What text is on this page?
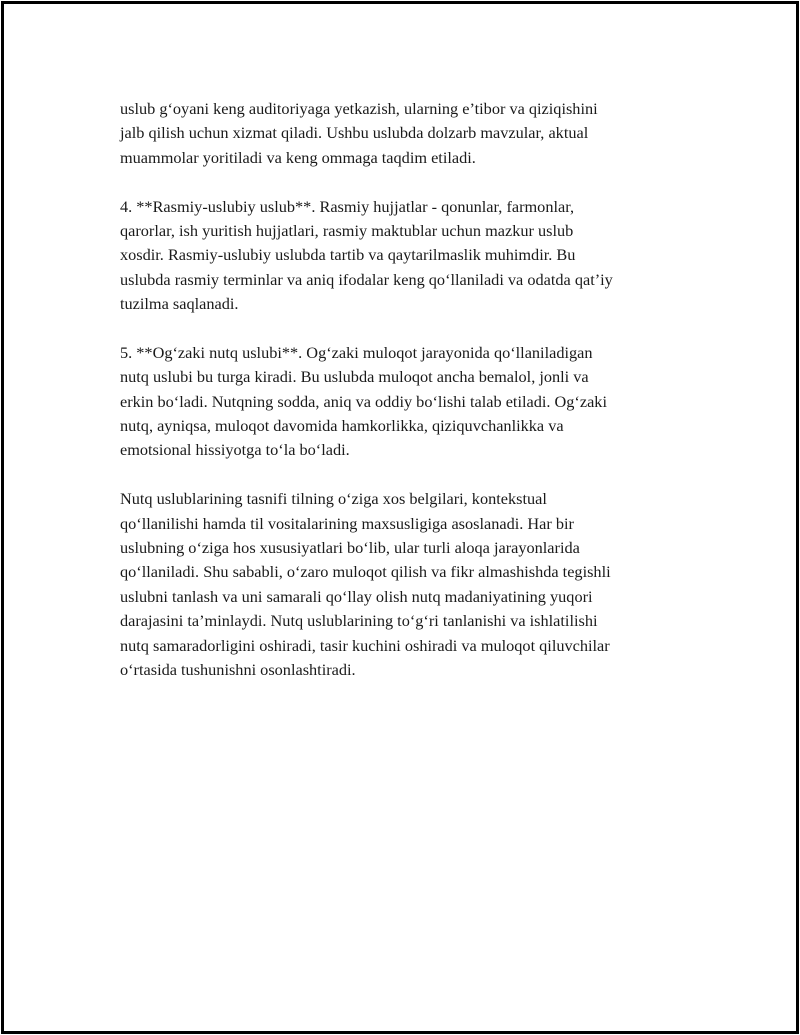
uslub g‘oyani keng auditoriyaga yetkazish, ularning e’tibor va qiziqishini
jalb qilish uchun xizmat qiladi. Ushbu uslubda dolzarb mavzular, aktual
muammolar yoritiladi va keng ommaga taqdim etiladi.
4. **Rasmiy-uslubiy uslub**. Rasmiy hujjatlar - qonunlar, farmonlar,
qarorlar, ish yuritish hujjatlari, rasmiy maktublar uchun mazkur uslub
xosdir. Rasmiy-uslubiy uslubda tartib va qaytarilmaslik muhimdir. Bu
uslubda rasmiy terminlar va aniq ifodalar keng qo‘llaniladi va odatda qat’iy
tuzilma saqlanadi.
5. **Og‘zaki nutq uslubi**. Og‘zaki muloqot jarayonida qo‘llaniladigan
nutq uslubi bu turga kiradi. Bu uslubda muloqot ancha bemalol, jonli va
erkin bo‘ladi. Nutqning sodda, aniq va oddiy bo‘lishi talab etiladi. Og‘zaki
nutq, ayniqsa, muloqot davomida hamkorlikka, qiziquvchanlikka va
emotsional hissiyotga to‘la bo‘ladi.
Nutq uslublarining tasnifi tilning o‘ziga xos belgilari, kontekstual
qo‘llanilishi hamda til vositalarining maxsusligiga asoslanadi. Har bir
uslubning o‘ziga hos xususiyatlari bo‘lib, ular turli aloqa jarayonlarida
qo‘llaniladi. Shu sababli, o‘zaro muloqot qilish va fikr almashishda tegishli
uslubni tanlash va uni samarali qo‘llay olish nutq madaniyatining yuqori
darajasini ta’minlaydi. Nutq uslublarining to‘g‘ri tanlanishi va ishlatilishi
nutq samaradorligini oshiradi, tasir kuchini oshiradi va muloqot qiluvchilar
o‘rtasida tushunishni osonlashtiradi.
